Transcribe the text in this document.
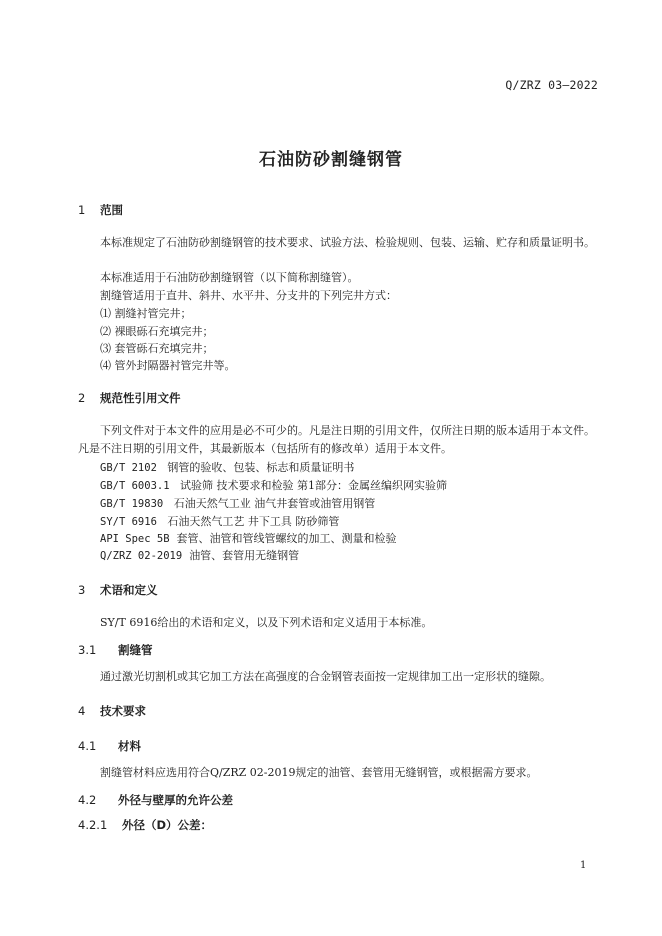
Q/ZRZ 03—2022
石油防砂割缝钢管
1 范围
本标准规定了石油防砂割缝钢管的技术要求、试验方法、检验规则、包装、运输、贮存和质量证明书。
本标准适用于石油防砂割缝钢管（以下简称割缝管）。
割缝管适用于直井、斜井、水平井、分支井的下列完井方式：
⑴ 割缝衬管完井；
⑵ 裸眼砾石充填完井；
⑶ 套管砾石充填完井；
⑷ 管外封隔器衬管完井等。
2 规范性引用文件
下列文件对于本文件的应用是必不可少的。凡是注日期的引用文件，仅所注日期的版本适用于本文件。凡是不注日期的引用文件，其最新版本（包括所有的修改单）适用于本文件。
GB/T 2102 钢管的验收、包装、标志和质量证明书
GB/T 6003.1 试验筛 技术要求和检验 第1部分：金属丝编织网实验筛
GB/T 19830 石油天然气工业 油气井套管或油管用钢管
SY/T 6916 石油天然气工艺 井下工具 防砂筛管
API Spec 5B 套管、油管和管线管螺纹的加工、测量和检验
Q/ZRZ 02-2019 油管、套管用无缝钢管
3 术语和定义
SY/T 6916给出的术语和定义，以及下列术语和定义适用于本标准。
3.1 割缝管
通过激光切割机或其它加工方法在高强度的合金钢管表面按一定规律加工出一定形状的缝隙。
4 技术要求
4.1 材料
割缝管材料应选用符合Q/ZRZ 02-2019规定的油管、套管用无缝钢管，或根据需方要求。
4.2 外径与壁厚的允许公差
4.2.1 外径（D）公差：
1
